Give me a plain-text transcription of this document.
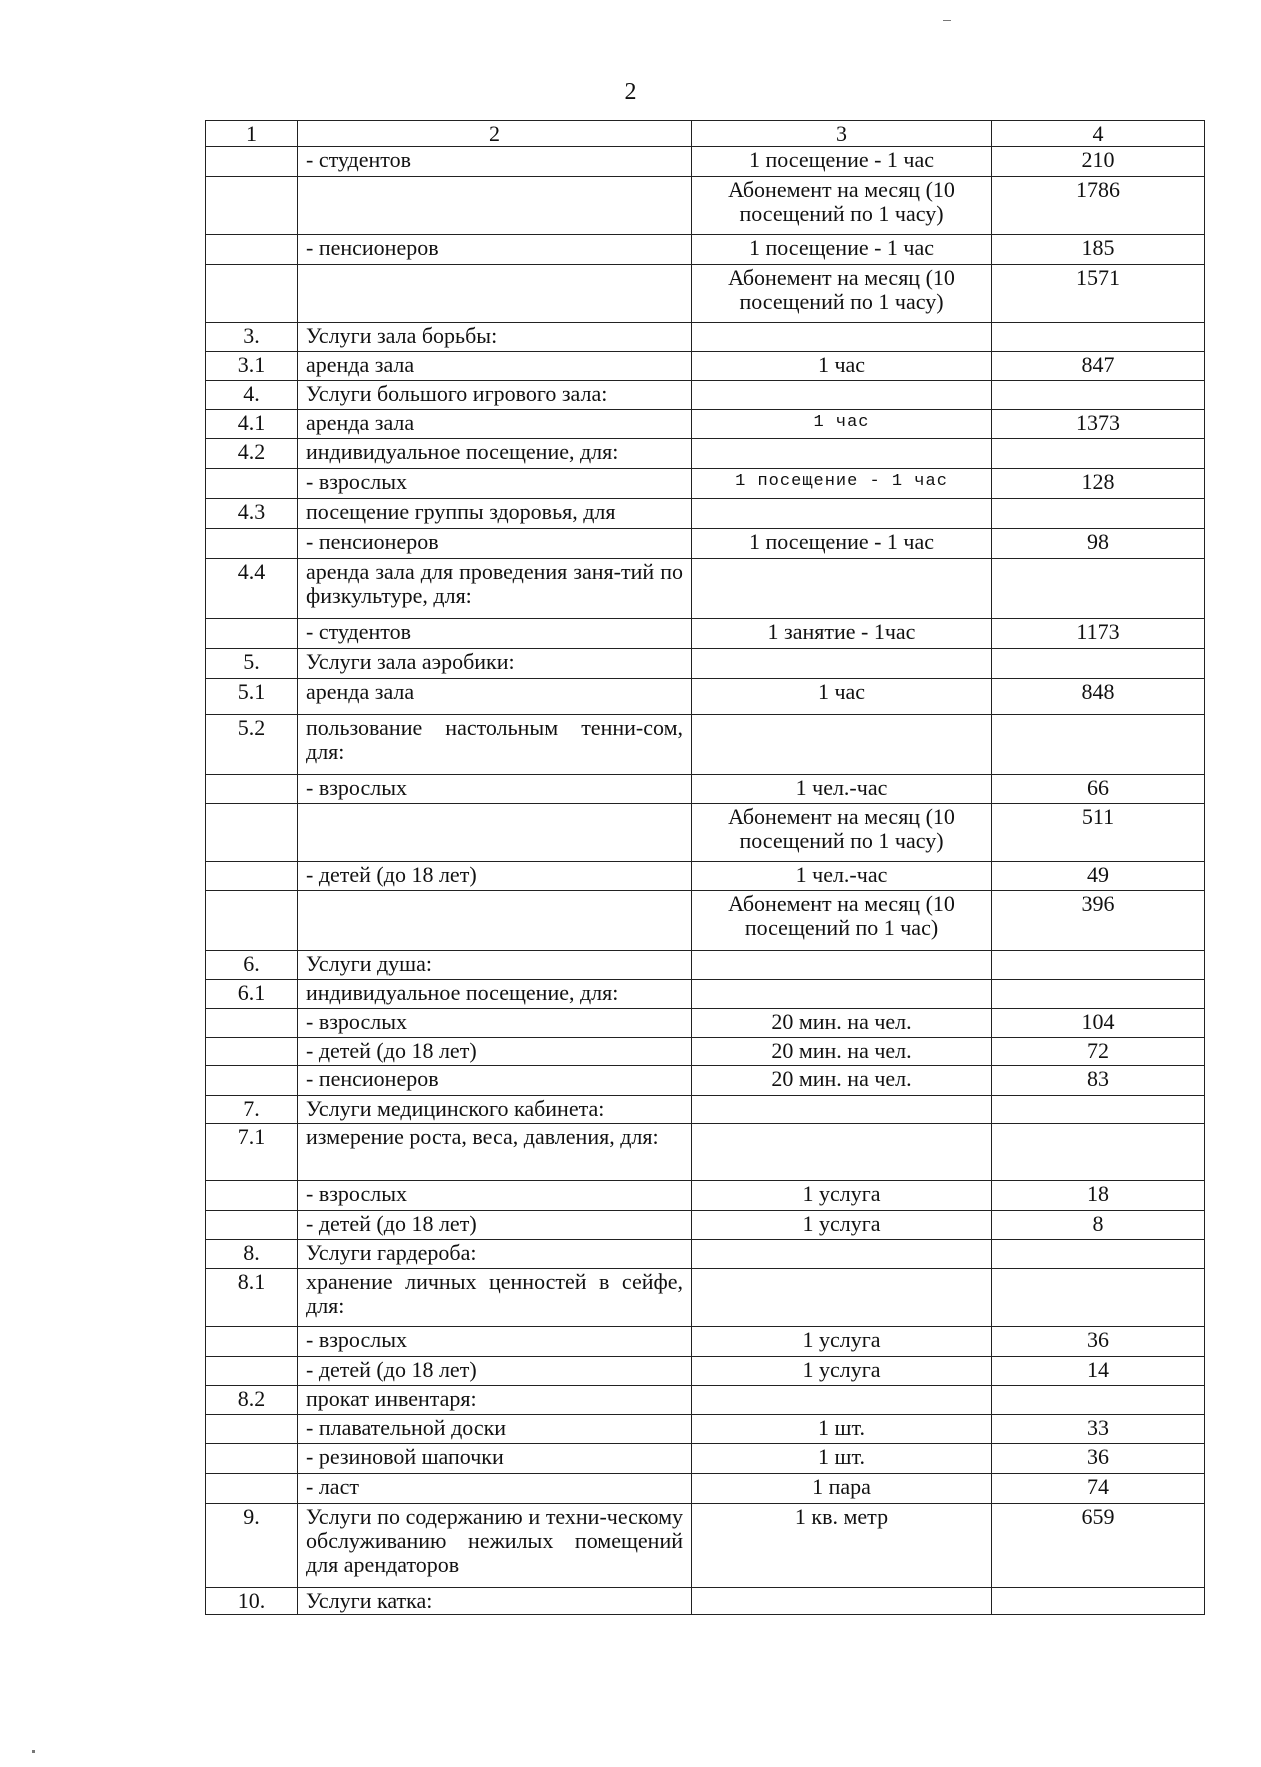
2
1	2	3	4
	- студентов	1 посещение - 1 час	210
		Абонемент на месяц (10 посещений по 1 часу)	1786
	- пенсионеров	1 посещение - 1 час	185
		Абонемент на месяц (10 посещений по 1 часу)	1571
3.	Услуги зала борьбы:		
3.1	аренда зала	1 час	847
4.	Услуги большого игрового зала:		
4.1	аренда зала	1 час	1373
4.2	индивидуальное посещение, для:		
	- взрослых	1 посещение - 1 час	128
4.3	посещение группы здоровья, для		
	- пенсионеров	1 посещение - 1 час	98
4.4	аренда зала для проведения заня-тий по физкультуре, для:		
	- студентов	1 занятие - 1час	1173
5.	Услуги зала аэробики:		
5.1	аренда зала	1 час	848
5.2	пользование настольным тенни-сом, для:		
	- взрослых	1 чел.-час	66
		Абонемент на месяц (10 посещений по 1 часу)	511
	- детей (до 18 лет)	1 чел.-час	49
		Абонемент на месяц (10 посещений по 1 час)	396
6.	Услуги душа:		
6.1	индивидуальное посещение, для:		
	- взрослых	20 мин. на чел.	104
	- детей (до 18 лет)	20 мин. на чел.	72
	- пенсионеров	20 мин. на чел.	83
7.	Услуги медицинского кабинета:		
7.1	измерение роста, веса, давления, для:		
	- взрослых	1 услуга	18
	- детей (до 18 лет)	1 услуга	8
8.	Услуги гардероба:		
8.1	хранение личных ценностей в сейфе, для:		
	- взрослых	1 услуга	36
	- детей (до 18 лет)	1 услуга	14
8.2	прокат инвентаря:		
	- плавательной доски	1 шт.	33
	- резиновой шапочки	1 шт.	36
	- ласт	1 пара	74
9.	Услуги по содержанию и техни-ческому обслуживанию нежилых помещений для арендаторов	1 кв. метр	659
10.	Услуги катка:		
